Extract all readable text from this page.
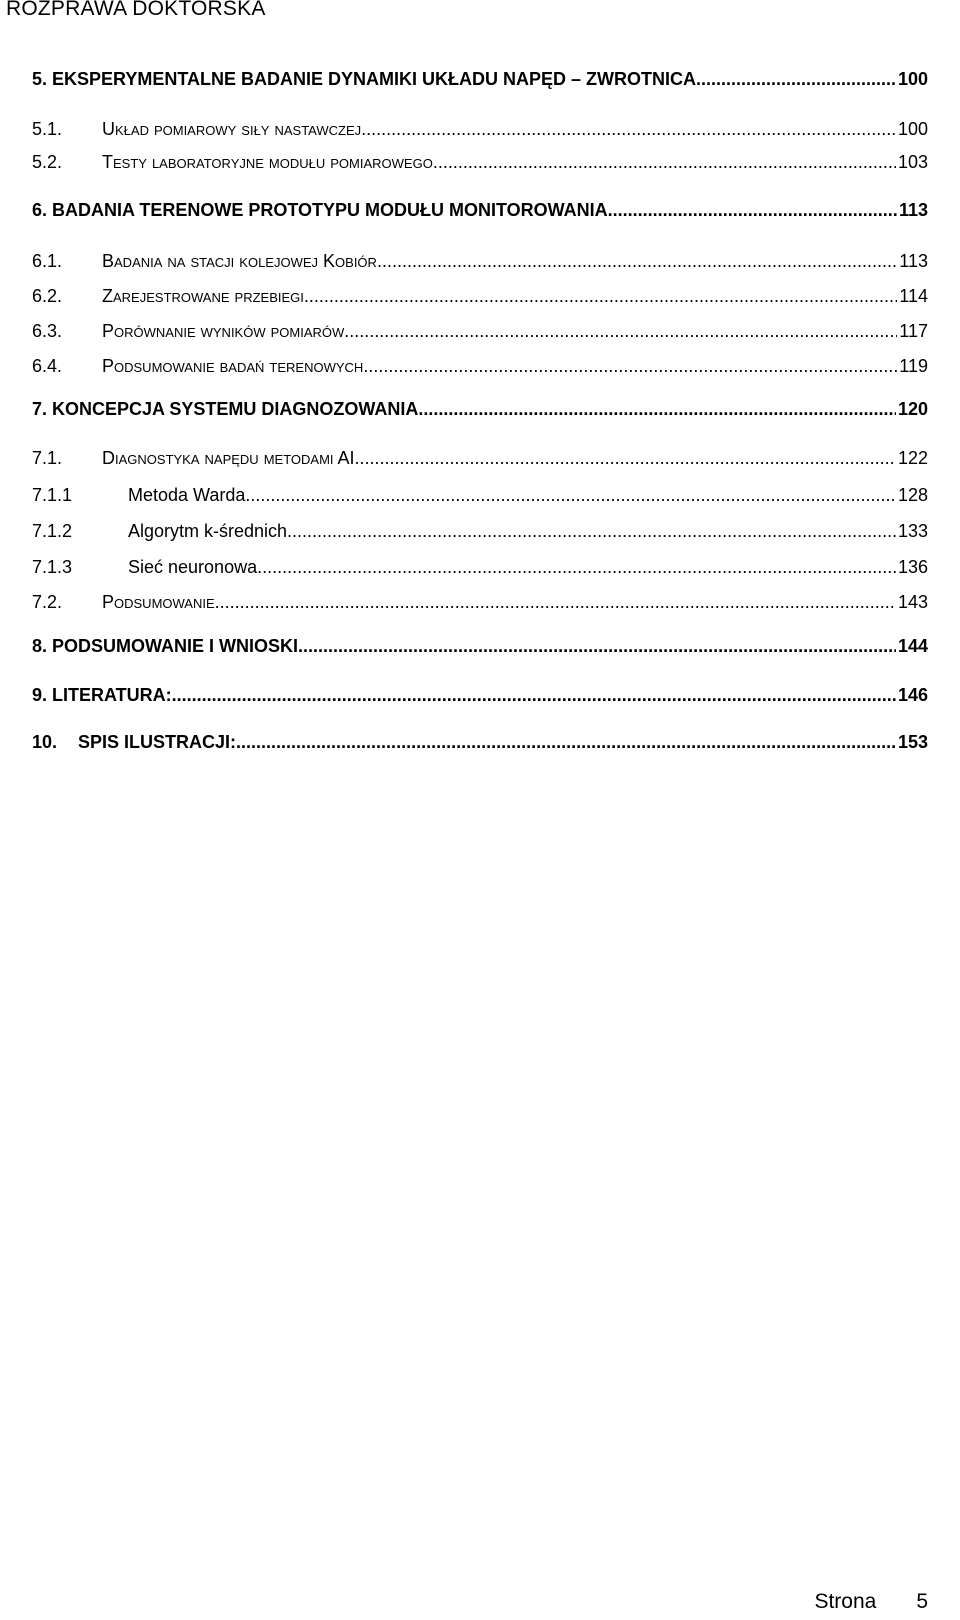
ROZPRAWA DOKTORSKA
5. EKSPERYMENTALNE BADANIE DYNAMIKI UKŁADU NAPĘD – ZWROTNICA. .....	100
5.1. Układ pomiarowy siły nastawczej .....	100
5.2. Testy laboratoryjne modułu pomiarowego. .....	103
6. BADANIA TERENOWE PROTOTYPU MODUŁU MONITOROWANIA .....	113
6.1. Badania na stacji kolejowej Kobiór .....	113
6.2. Zarejestrowane przebiegi .....	114
6.3. Porównanie wyników pomiarów .....	117
6.4. Podsumowanie badań terenowych .....	119
7. KONCEPCJA SYSTEMU DIAGNOZOWANIA .....	120
7.1. Diagnostyka napędu metodami AI .....	122
7.1.1	Metoda Warda .....	128
7.1.2	Algorytm k-średnich .....	133
7.1.3	Sieć neuronowa .....	136
7.2. Podsumowanie .....	143
8. PODSUMOWANIE I WNIOSKI .....	144
9. LITERATURA: .....	146
10. SPIS ILUSTRACJI: .....	153
Strona 5
